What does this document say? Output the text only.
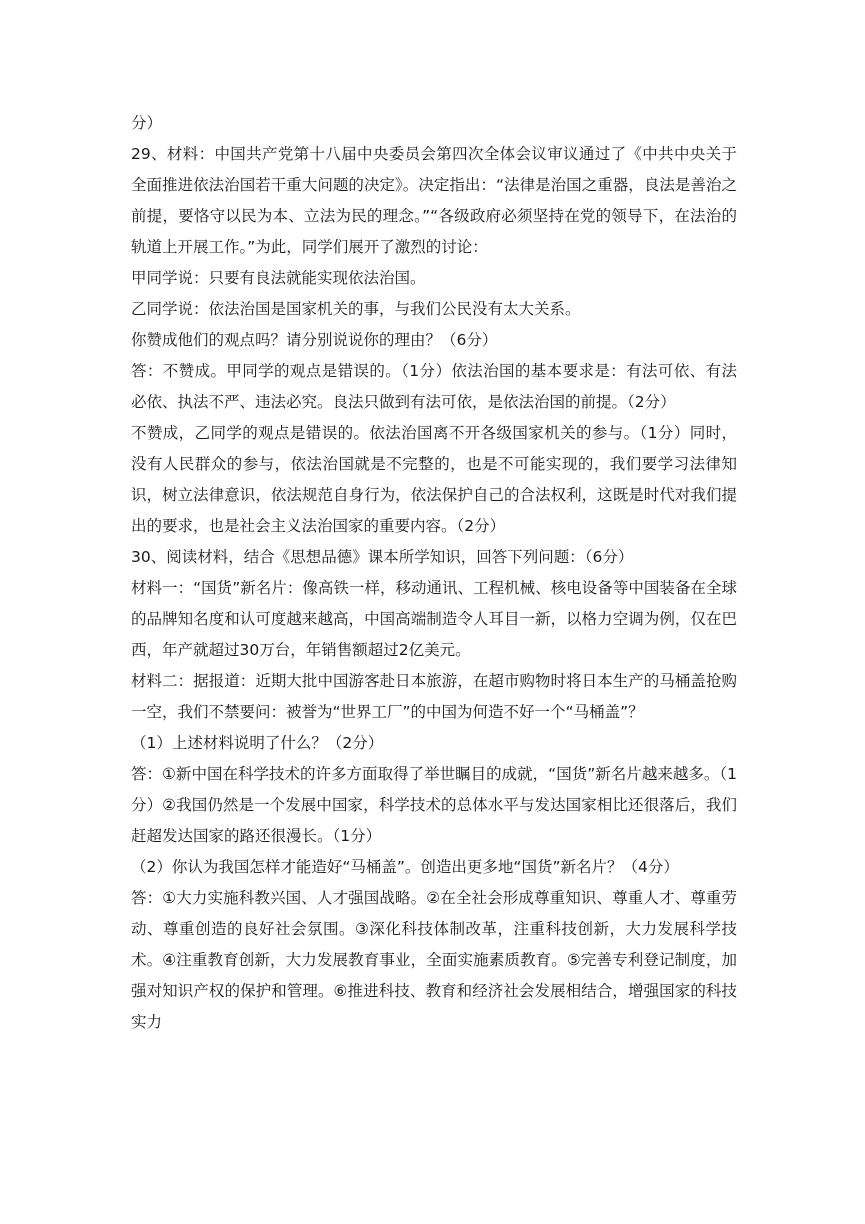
分）

29、材料：中国共产党第十八届中央委员会第四次全体会议审议通过了《中共中央关于全面推进依法治国若干重大问题的决定》。决定指出：“法律是治国之重器，良法是善治之前提，要恪守以民为本、立法为民的理念。”“各级政府必须坚持在党的领导下，在法治的轨道上开展工作。”为此，同学们展开了激烈的讨论：

甲同学说：只要有良法就能实现依法治国。

乙同学说：依法治国是国家机关的事，与我们公民没有太大关系。

你赞成他们的观点吗？请分别说说你的理由？（6分）

答：不赞成。甲同学的观点是错误的。（1分）依法治国的基本要求是：有法可依、有法必依、执法不严、违法必究。良法只做到有法可依，是依法治国的前提。（2分）

不赞成，乙同学的观点是错误的。依法治国离不开各级国家机关的参与。（1分）同时，没有人民群众的参与，依法治国就是不完整的，也是不可能实现的，我们要学习法律知识，树立法律意识，依法规范自身行为，依法保护自己的合法权利，这既是时代对我们提出的要求，也是社会主义法治国家的重要内容。（2分）

30、阅读材料，结合《思想品德》课本所学知识，回答下列问题：（6分）

材料一：“国货”新名片：像高铁一样，移动通讯、工程机械、核电设备等中国装备在全球的品牌知名度和认可度越来越高，中国高端制造令人耳目一新，以格力空调为例，仅在巴西，年产就超过30万台，年销售额超过2亿美元。

材料二：据报道：近期大批中国游客赴日本旅游，在超市购物时将日本生产的马桶盖抢购一空，我们不禁要问：被誉为“世界工厂”的中国为何造不好一个“马桶盖”？

（1）上述材料说明了什么？（2分）

答：①新中国在科学技术的许多方面取得了举世瞩目的成就，“国货”新名片越来越多。（1分）②我国仍然是一个发展中国家，科学技术的总体水平与发达国家相比还很落后，我们赶超发达国家的路还很漫长。（1分）

（2）你认为我国怎样才能造好“马桶盖”。创造出更多地“国货”新名片？（4分）

答：①大力实施科教兴国、人才强国战略。②在全社会形成尊重知识、尊重人才、尊重劳动、尊重创造的良好社会氛围。③深化科技体制改革，注重科技创新，大力发展科学技术。④注重教育创新，大力发展教育事业，全面实施素质教育。⑤完善专利登记制度，加强对知识产权的保护和管理。⑥推进科技、教育和经济社会发展相结合，增强国家的科技实力
